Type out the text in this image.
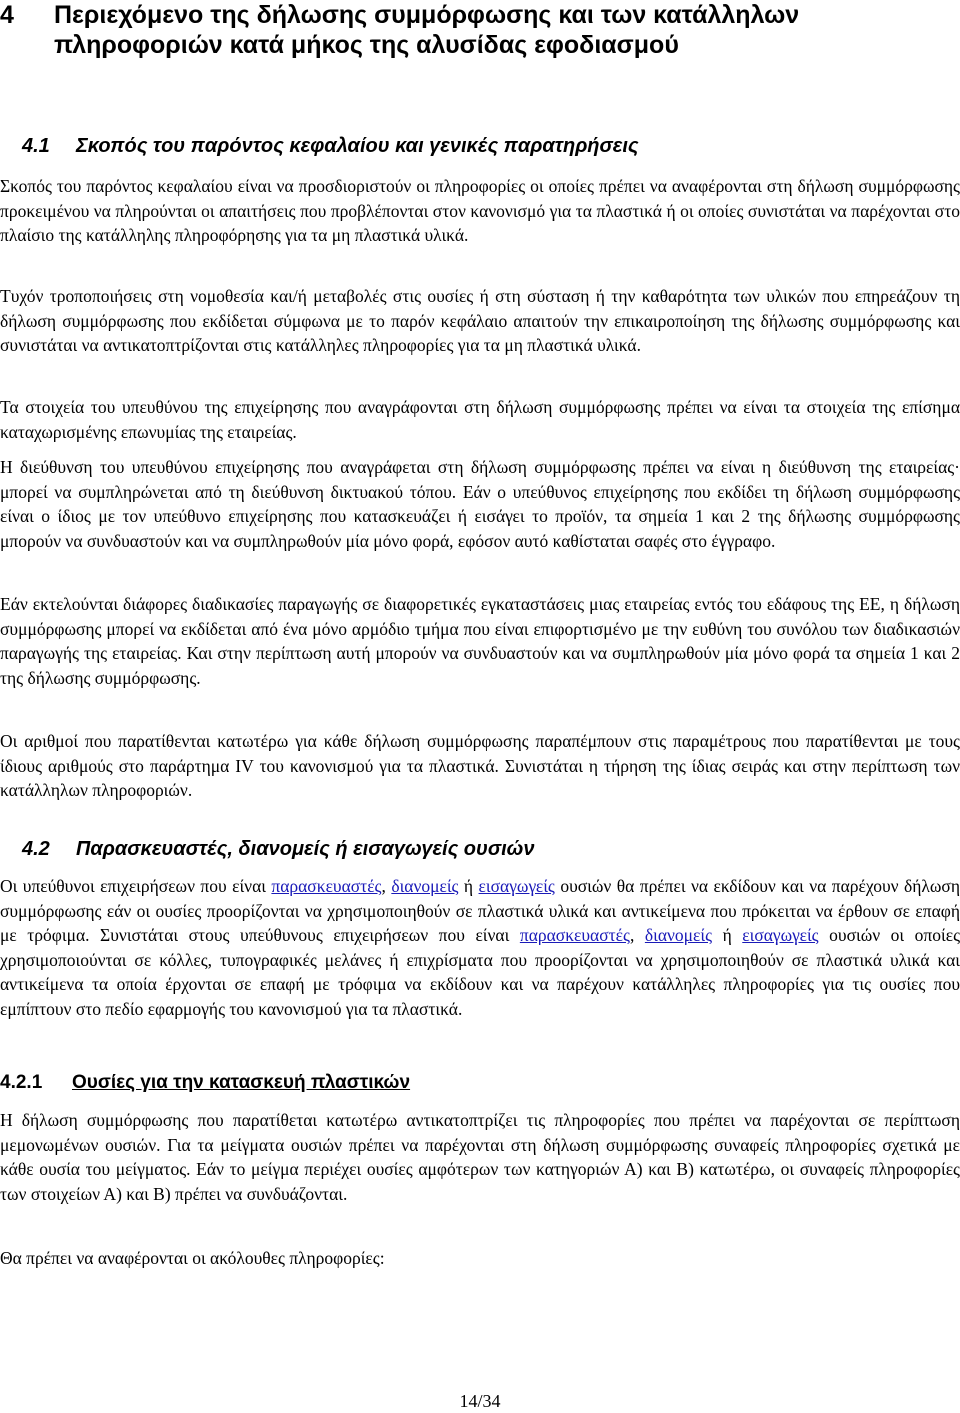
4	Περιεχόμενο της δήλωσης συμμόρφωσης και των κατάλληλων πληροφοριών κατά μήκος της αλυσίδας εφοδιασμού
4.1 Σκοπός του παρόντος κεφαλαίου και γενικές παρατηρήσεις

Σκοπός του παρόντος κεφαλαίου είναι να προσδιοριστούν οι πληροφορίες οι οποίες πρέπει να αναφέρονται στη δήλωση συμμόρφωσης προκειμένου να πληρούνται οι απαιτήσεις που προβλέπονται στον κανονισμό για τα πλαστικά ή οι οποίες συνιστάται να παρέχονται στο πλαίσιο της κατάλληλης πληροφόρησης για τα μη πλαστικά υλικά.

Τυχόν τροποποιήσεις στη νομοθεσία και/ή μεταβολές στις ουσίες ή στη σύσταση ή την καθαρότητα των υλικών που επηρεάζουν τη δήλωση συμμόρφωσης που εκδίδεται σύμφωνα με το παρόν κεφάλαιο απαιτούν την επικαιροποίηση της δήλωσης συμμόρφωσης και συνιστάται να αντικατοπτρίζονται στις κατάλληλες πληροφορίες για τα μη πλαστικά υλικά.

Τα στοιχεία του υπευθύνου της επιχείρησης που αναγράφονται στη δήλωση συμμόρφωσης πρέπει να είναι τα στοιχεία της επίσημα καταχωρισμένης επωνυμίας της εταιρείας.

Η διεύθυνση του υπευθύνου επιχείρησης που αναγράφεται στη δήλωση συμμόρφωσης πρέπει να είναι η διεύθυνση της εταιρείας· μπορεί να συμπληρώνεται από τη διεύθυνση δικτυακού τόπου. Εάν ο υπεύθυνος επιχείρησης που εκδίδει τη δήλωση συμμόρφωσης είναι ο ίδιος με τον υπεύθυνο επιχείρησης που κατασκευάζει ή εισάγει το προϊόν, τα σημεία 1 και 2 της δήλωσης συμμόρφωσης μπορούν να συνδυαστούν και να συμπληρωθούν μία μόνο φορά, εφόσον αυτό καθίσταται σαφές στο έγγραφο.

Εάν εκτελούνται διάφορες διαδικασίες παραγωγής σε διαφορετικές εγκαταστάσεις μιας εταιρείας εντός του εδάφους της ΕΕ, η δήλωση συμμόρφωσης μπορεί να εκδίδεται από ένα μόνο αρμόδιο τμήμα που είναι επιφορτισμένο με την ευθύνη του συνόλου των διαδικασιών παραγωγής της εταιρείας. Και στην περίπτωση αυτή μπορούν να συνδυαστούν και να συμπληρωθούν μία μόνο φορά τα σημεία 1 και 2 της δήλωσης συμμόρφωσης.

Οι αριθμοί που παρατίθενται κατωτέρω για κάθε δήλωση συμμόρφωσης παραπέμπουν στις παραμέτρους που παρατίθενται με τους ίδιους αριθμούς στο παράρτημα IV του κανονισμού για τα πλαστικά. Συνιστάται η τήρηση της ίδιας σειράς και στην περίπτωση των κατάλληλων πληροφοριών.

4.2 Παρασκευαστές, διανομείς ή εισαγωγείς ουσιών

Οι υπεύθυνοι επιχειρήσεων που είναι παρασκευαστές, διανομείς ή εισαγωγείς ουσιών θα πρέπει να εκδίδουν και να παρέχουν δήλωση συμμόρφωσης εάν οι ουσίες προορίζονται να χρησιμοποιηθούν σε πλαστικά υλικά και αντικείμενα που πρόκειται να έρθουν σε επαφή με τρόφιμα. Συνιστάται στους υπεύθυνους επιχειρήσεων που είναι παρασκευαστές, διανομείς ή εισαγωγείς ουσιών οι οποίες χρησιμοποιούνται σε κόλλες, τυπογραφικές μελάνες ή επιχρίσματα που προορίζονται να χρησιμοποιηθούν σε πλαστικά υλικά και αντικείμενα τα οποία έρχονται σε επαφή με τρόφιμα να εκδίδουν και να παρέχουν κατάλληλες πληροφορίες για τις ουσίες που εμπίπτουν στο πεδίο εφαρμογής του κανονισμού για τα πλαστικά.

4.2.1 Ουσίες για την κατασκευή πλαστικών

Η δήλωση συμμόρφωσης που παρατίθεται κατωτέρω αντικατοπτρίζει τις πληροφορίες που πρέπει να παρέχονται σε περίπτωση μεμονωμένων ουσιών. Για τα μείγματα ουσιών πρέπει να παρέχονται στη δήλωση συμμόρφωσης συναφείς πληροφορίες σχετικά με κάθε ουσία του μείγματος. Εάν το μείγμα περιέχει ουσίες αμφότερων των κατηγοριών Α) και Β) κατωτέρω, οι συναφείς πληροφορίες των στοιχείων Α) και Β) πρέπει να συνδυάζονται.

Θα πρέπει να αναφέρονται οι ακόλουθες πληροφορίες:

14/34
